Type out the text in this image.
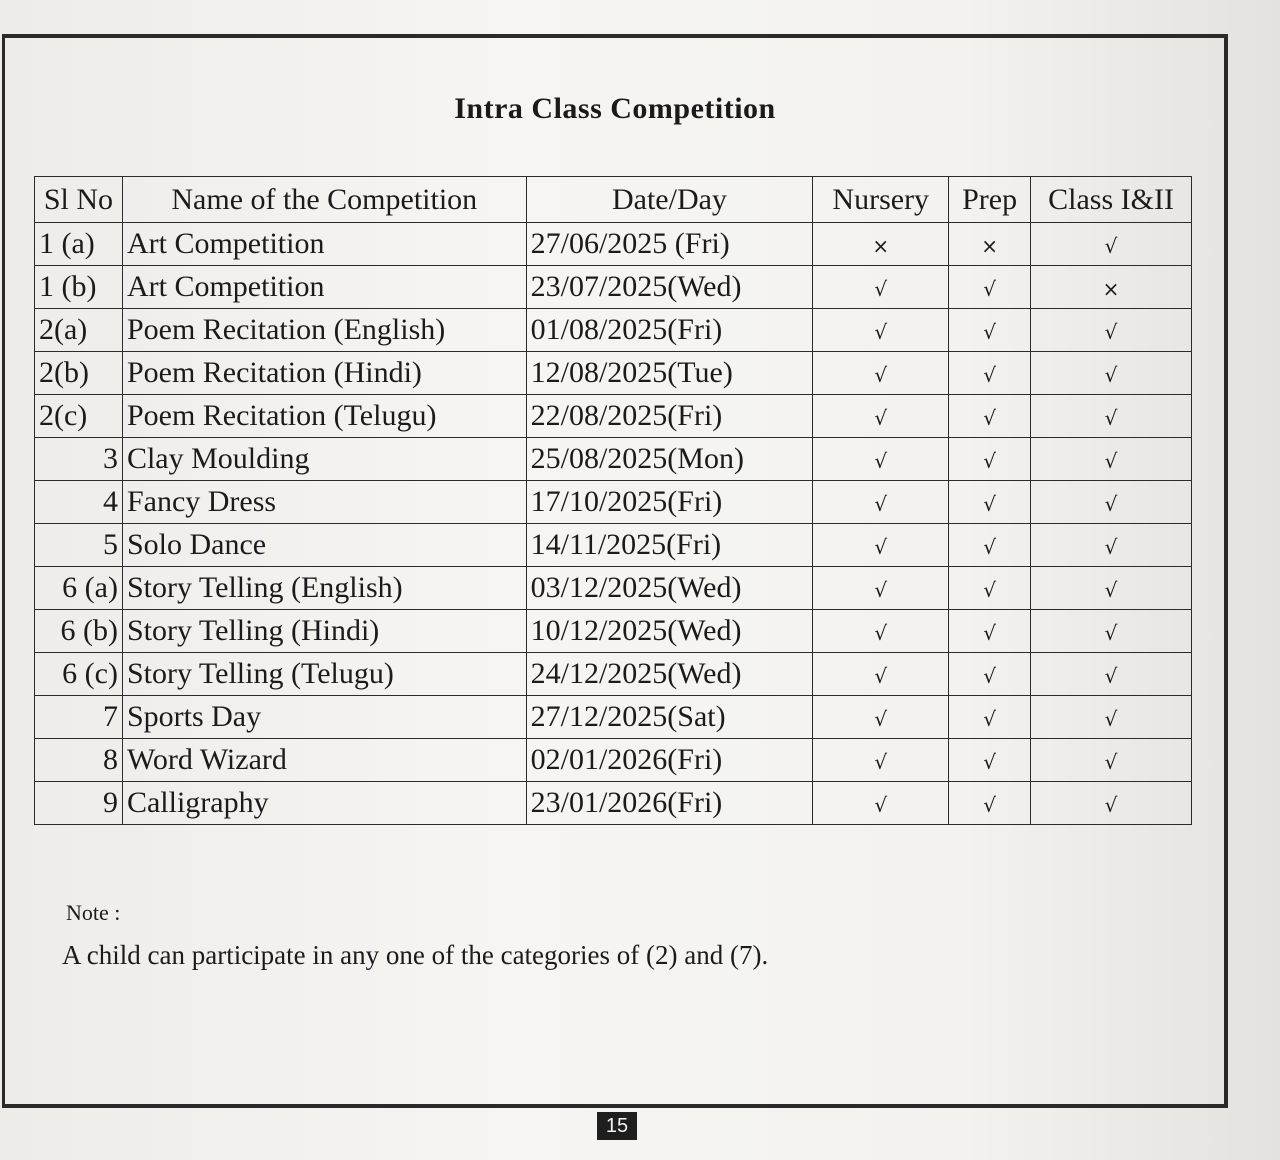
Intra Class Competition
Sl No	Name of the Competition	Date/Day	Nursery	Prep	Class I&II
1 (a)	Art Competition	27/06/2025 (Fri)	×	×	√
1 (b)	Art Competition	23/07/2025(Wed)	√	√	×
2(a)	Poem Recitation (English)	01/08/2025(Fri)	√	√	√
2(b)	Poem Recitation (Hindi)	12/08/2025(Tue)	√	√	√
2(c)	Poem Recitation (Telugu)	22/08/2025(Fri)	√	√	√
3	Clay Moulding	25/08/2025(Mon)	√	√	√
4	Fancy Dress	17/10/2025(Fri)	√	√	√
5	Solo Dance	14/11/2025(Fri)	√	√	√
6 (a)	Story Telling (English)	03/12/2025(Wed)	√	√	√
6 (b)	Story Telling (Hindi)	10/12/2025(Wed)	√	√	√
6 (c)	Story Telling (Telugu)	24/12/2025(Wed)	√	√	√
7	Sports Day	27/12/2025(Sat)	√	√	√
8	Word Wizard	02/01/2026(Fri)	√	√	√
9	Calligraphy	23/01/2026(Fri)	√	√	√
Note :
A child can participate in any one of the categories of (2) and (7).
15
